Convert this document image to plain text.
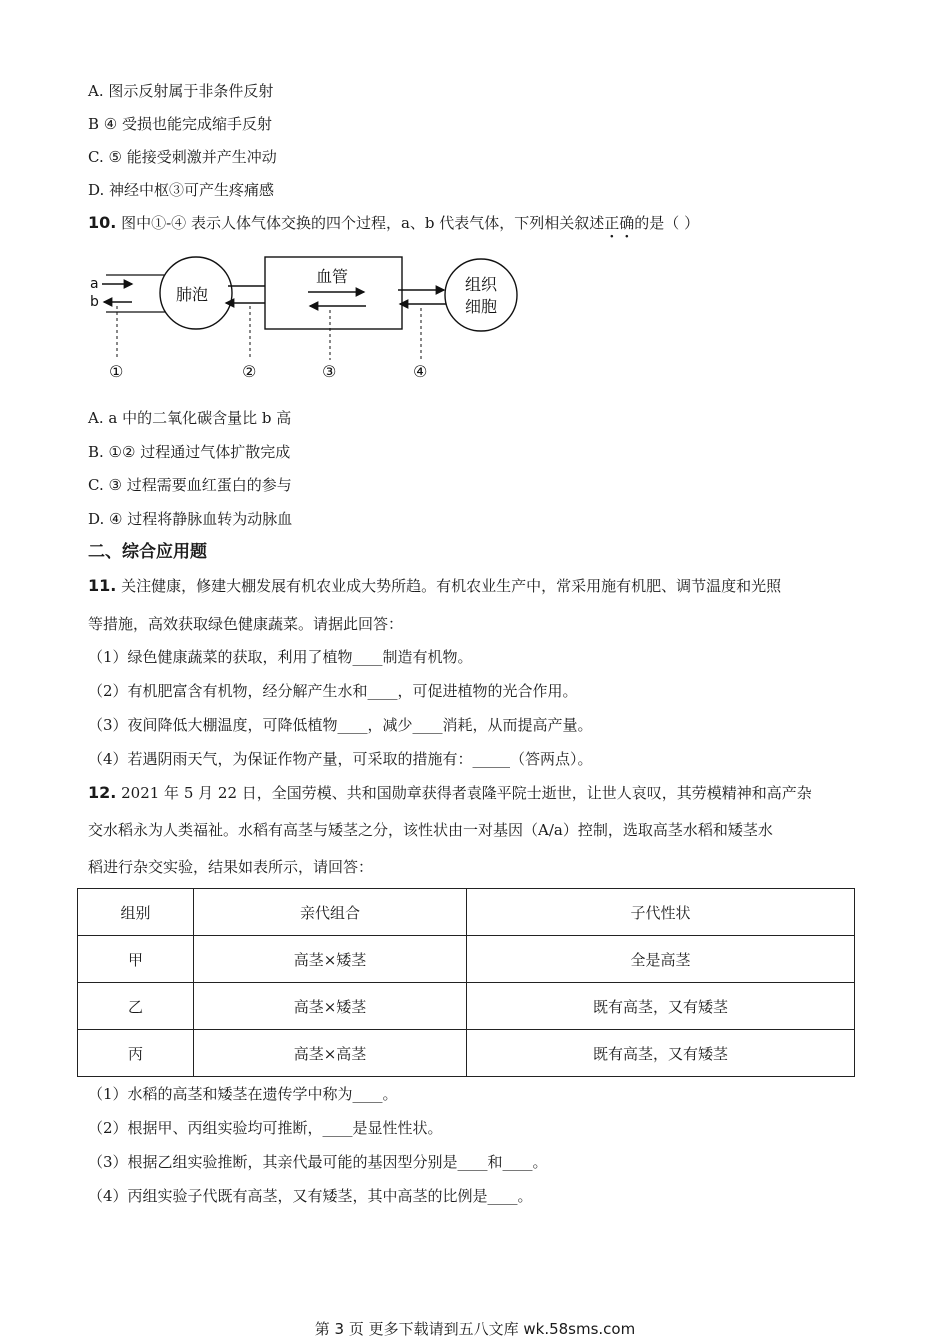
A. 图示反射属于非条件反射
B ④ 受损也能完成缩手反射
C. ⑤ 能接受刺激并产生冲动
D. 神经中枢③可产生疼痛感
10. 图中①-④ 表示人体气体交换的四个过程，a、b 代表气体，下列相关叙述正确的是（ ）
a
b	肺泡
血管	组织
细胞
①	②	③	④
A. a 中的二氧化碳含量比 b 高
B. ①② 过程通过气体扩散完成
C. ③ 过程需要血红蛋白的参与
D. ④ 过程将静脉血转为动脉血
二、综合应用题
11. 关注健康，修建大棚发展有机农业成大势所趋。有机农业生产中，常采用施有机肥、调节温度和光照
等措施，高效获取绿色健康蔬菜。请据此回答：
（1）绿色健康蔬菜的获取，利用了植物____制造有机物。
（2）有机肥富含有机物，经分解产生水和____，可促进植物的光合作用。
（3）夜间降低大棚温度，可降低植物____，减少____消耗，从而提高产量。
（4）若遇阴雨天气，为保证作物产量，可采取的措施有：_____（答两点）。
12. 2021 年 5 月 22 日，全国劳模、共和国勋章获得者袁隆平院士逝世，让世人哀叹，其劳模精神和高产杂
交水稻永为人类福祉。水稻有高茎与矮茎之分，该性状由一对基因（A/a）控制，选取高茎水稻和矮茎水
稻进行杂交实验，结果如表所示，请回答：
组别	亲代组合	子代性状
甲	高茎×矮茎	全是高茎
乙	高茎×矮茎	既有高茎，又有矮茎
丙	高茎×高茎	既有高茎，又有矮茎
（1）水稻的高茎和矮茎在遗传学中称为____。
（2）根据甲、丙组实验均可推断，____是显性性状。
（3）根据乙组实验推断，其亲代最可能的基因型分别是____和____。
（4）丙组实验子代既有高茎，又有矮茎，其中高茎的比例是____。
第 3 页 更多下载请到五八文库 wk.58sms.com
